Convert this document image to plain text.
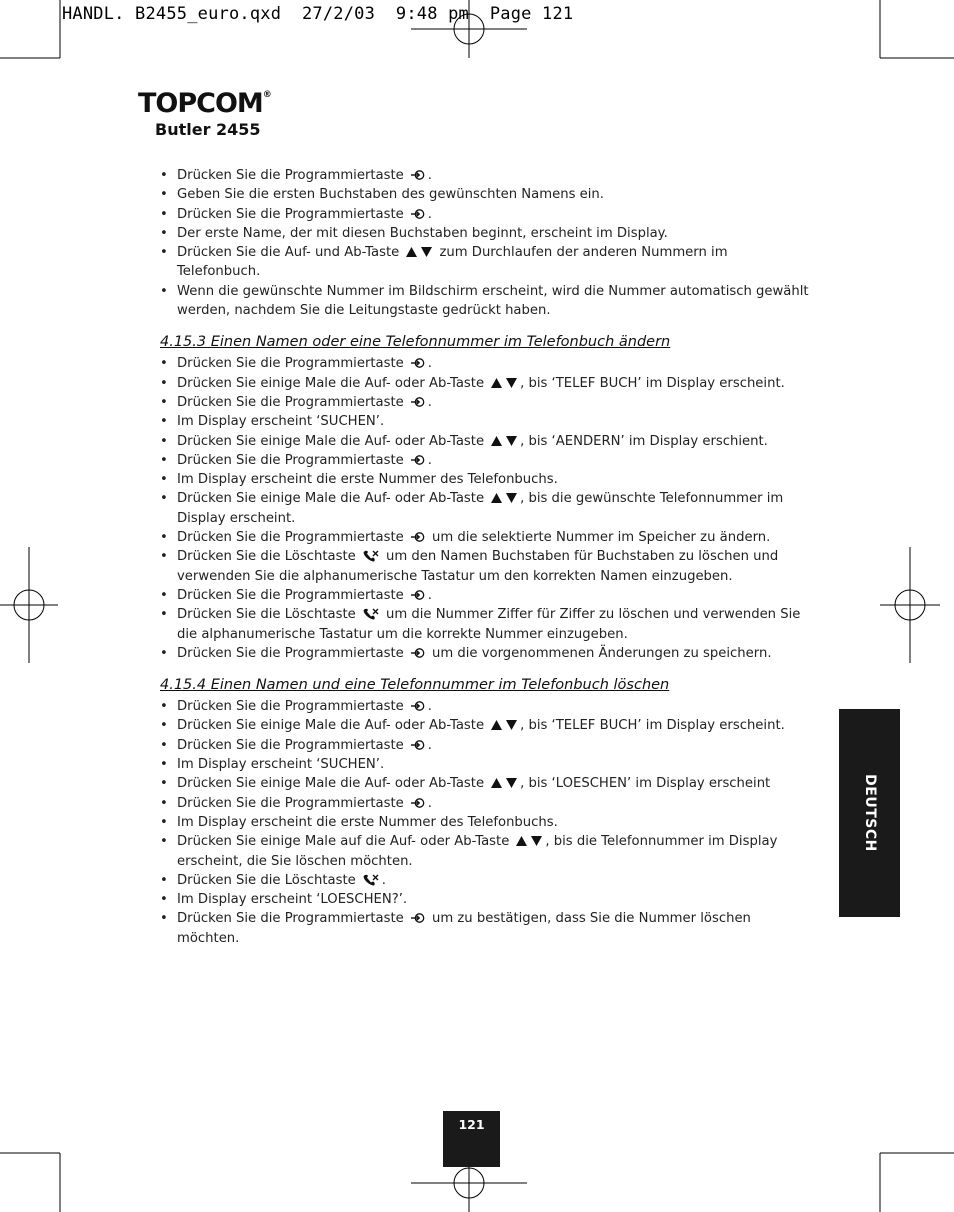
HANDL. B2455_euro.qxd  27/2/03  9:48 pm  Page 121
TOPCOM®
Butler 2455
• Drücken Sie die Programmiertaste .
• Geben Sie die ersten Buchstaben des gewünschten Namens ein.
• Drücken Sie die Programmiertaste .
• Der erste Name, der mit diesen Buchstaben beginnt, erscheint im Display.
• Drücken Sie die Auf- und Ab-Taste	zum Durchlaufen der anderen Nummern im Telefonbuch.
• Wenn die gewünschte Nummer im Bildschirm erscheint, wird die Nummer automatisch gewählt werden, nachdem Sie die Leitungstaste gedrückt haben.
4.15.3 Einen Namen oder eine Telefonnummer im Telefonbuch ändern
• Drücken Sie die Programmiertaste .
• Drücken Sie einige Male die Auf- oder Ab-Taste	, bis ‘TELEF BUCH’ im Display erscheint.
• Drücken Sie die Programmiertaste .
• Im Display erscheint ‘SUCHEN’.
• Drücken Sie einige Male die Auf- oder Ab-Taste	, bis ‘AENDERN’ im Display erschient.
• Drücken Sie die Programmiertaste .
• Im Display erscheint die erste Nummer des Telefonbuchs.
• Drücken Sie einige Male die Auf- oder Ab-Taste	, bis die gewünschte Telefonnummer im Display erscheint.
• Drücken Sie die Programmiertaste um die selektierte Nummer im Speicher zu ändern.
• Drücken Sie die Löschtaste um den Namen Buchstaben für Buchstaben zu löschen und verwenden Sie die alphanumerische Tastatur um den korrekten Namen einzugeben.
• Drücken Sie die Programmiertaste .
• Drücken Sie die Löschtaste um die Nummer Ziffer für Ziffer zu löschen und verwenden Sie die alphanumerische Tastatur um die korrekte Nummer einzugeben.
• Drücken Sie die Programmiertaste um die vorgenommenen Änderungen zu speichern.
4.15.4 Einen Namen und eine Telefonnummer im Telefonbuch löschen
• Drücken Sie die Programmiertaste .
• Drücken Sie einige Male die Auf- oder Ab-Taste	, bis ‘TELEF BUCH’ im Display erscheint.
• Drücken Sie die Programmiertaste .
• Im Display erscheint ‘SUCHEN’.
• Drücken Sie einige Male die Auf- oder Ab-Taste	, bis ‘LOESCHEN’ im Display erscheint
• Drücken Sie die Programmiertaste .
• Im Display erscheint die erste Nummer des Telefonbuchs.
• Drücken Sie einige Male auf die Auf- oder Ab-Taste	, bis die Telefonnummer im Display erscheint, die Sie löschen möchten.
• Drücken Sie die Löschtaste .
• Im Display erscheint ‘LOESCHEN?’.
• Drücken Sie die Programmiertaste um zu bestätigen, dass Sie die Nummer löschen möchten.
DEUTSCH
121
